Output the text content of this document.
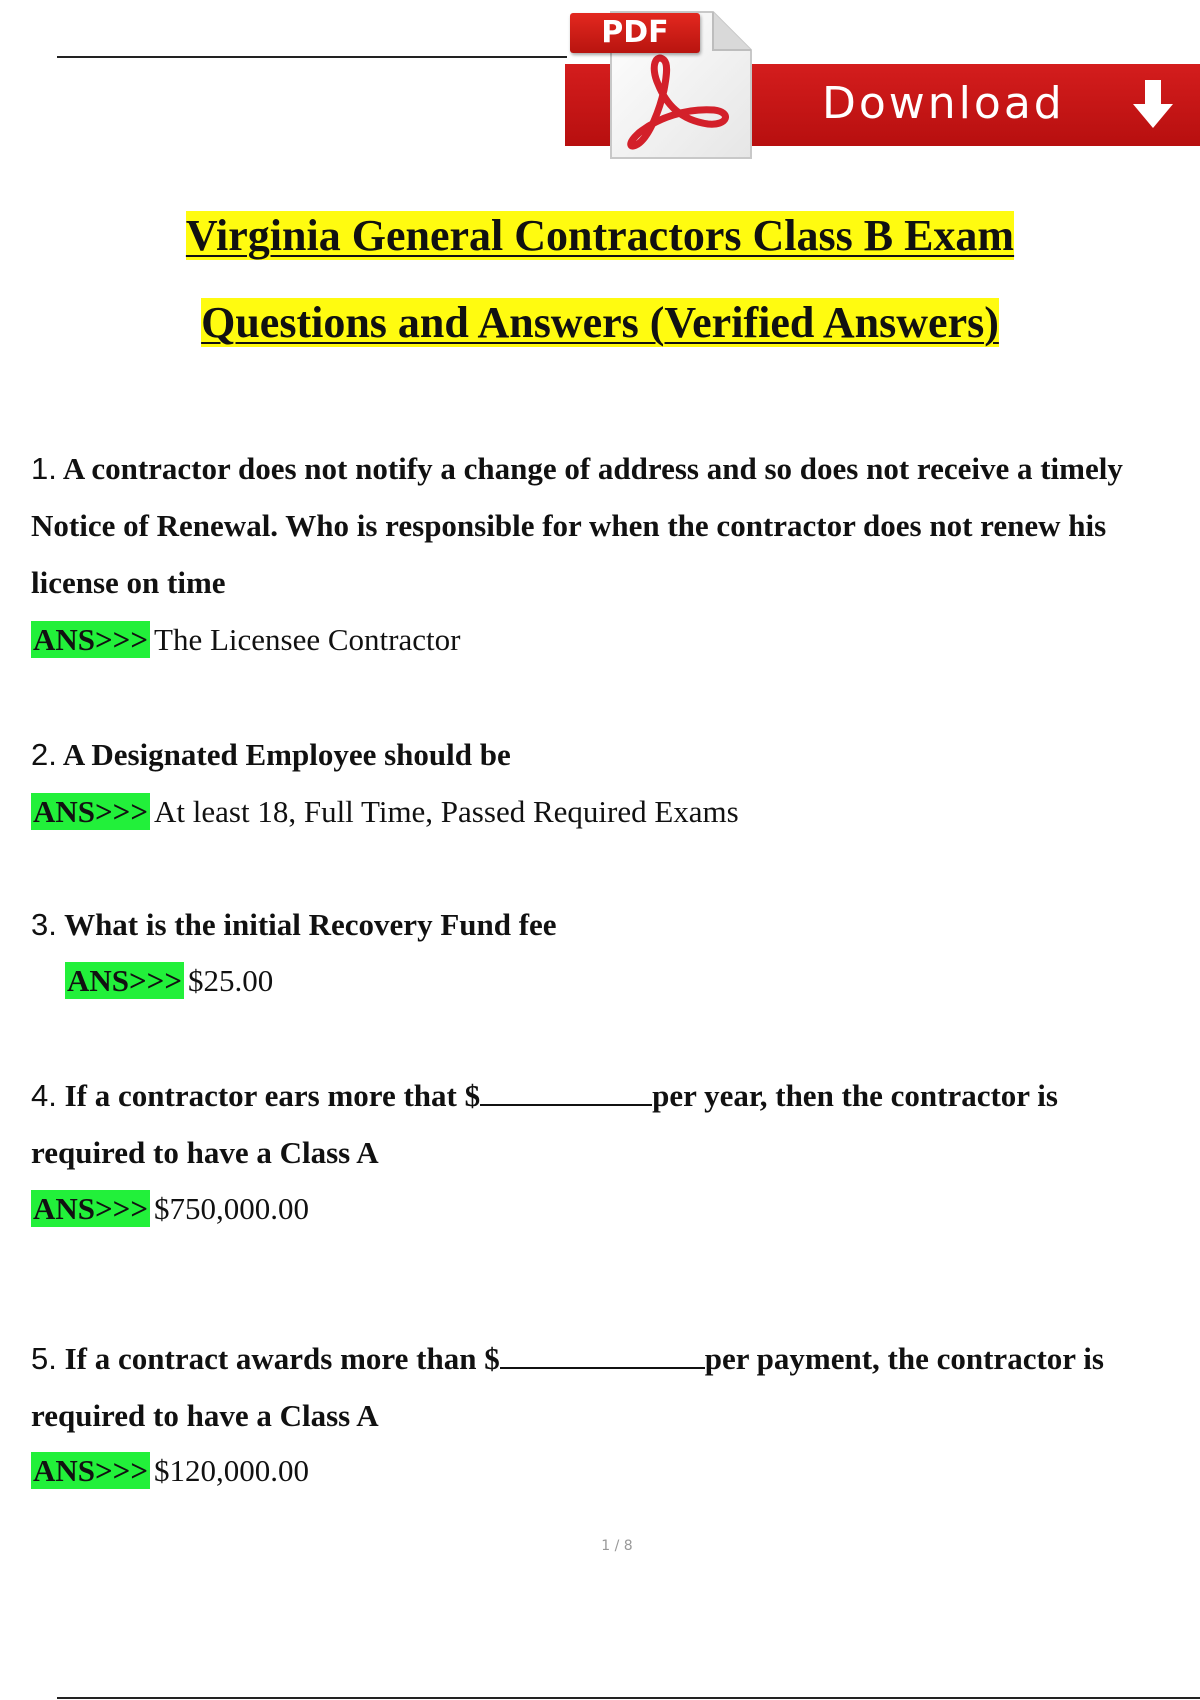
Download
PDF
Virginia General Contractors Class B Exam
Questions and Answers (Verified Answers)
1. A contractor does not notify a change of address and so does not receive a timely
Notice of Renewal. Who is responsible for when the contractor does not renew his
license on time
ANS>>> The Licensee Contractor
2. A Designated Employee should be
ANS>>> At least 18, Full Time, Passed Required Exams
3. What is the initial Recovery Fund fee
ANS>>> $25.00
4. If a contractor ears more that $	per year, then the contractor is
required to have a Class A
ANS>>> $750,000.00
5. If a contract awards more than $	per payment, the contractor is
required to have a Class A
ANS>>> $120,000.00
1 / 8
